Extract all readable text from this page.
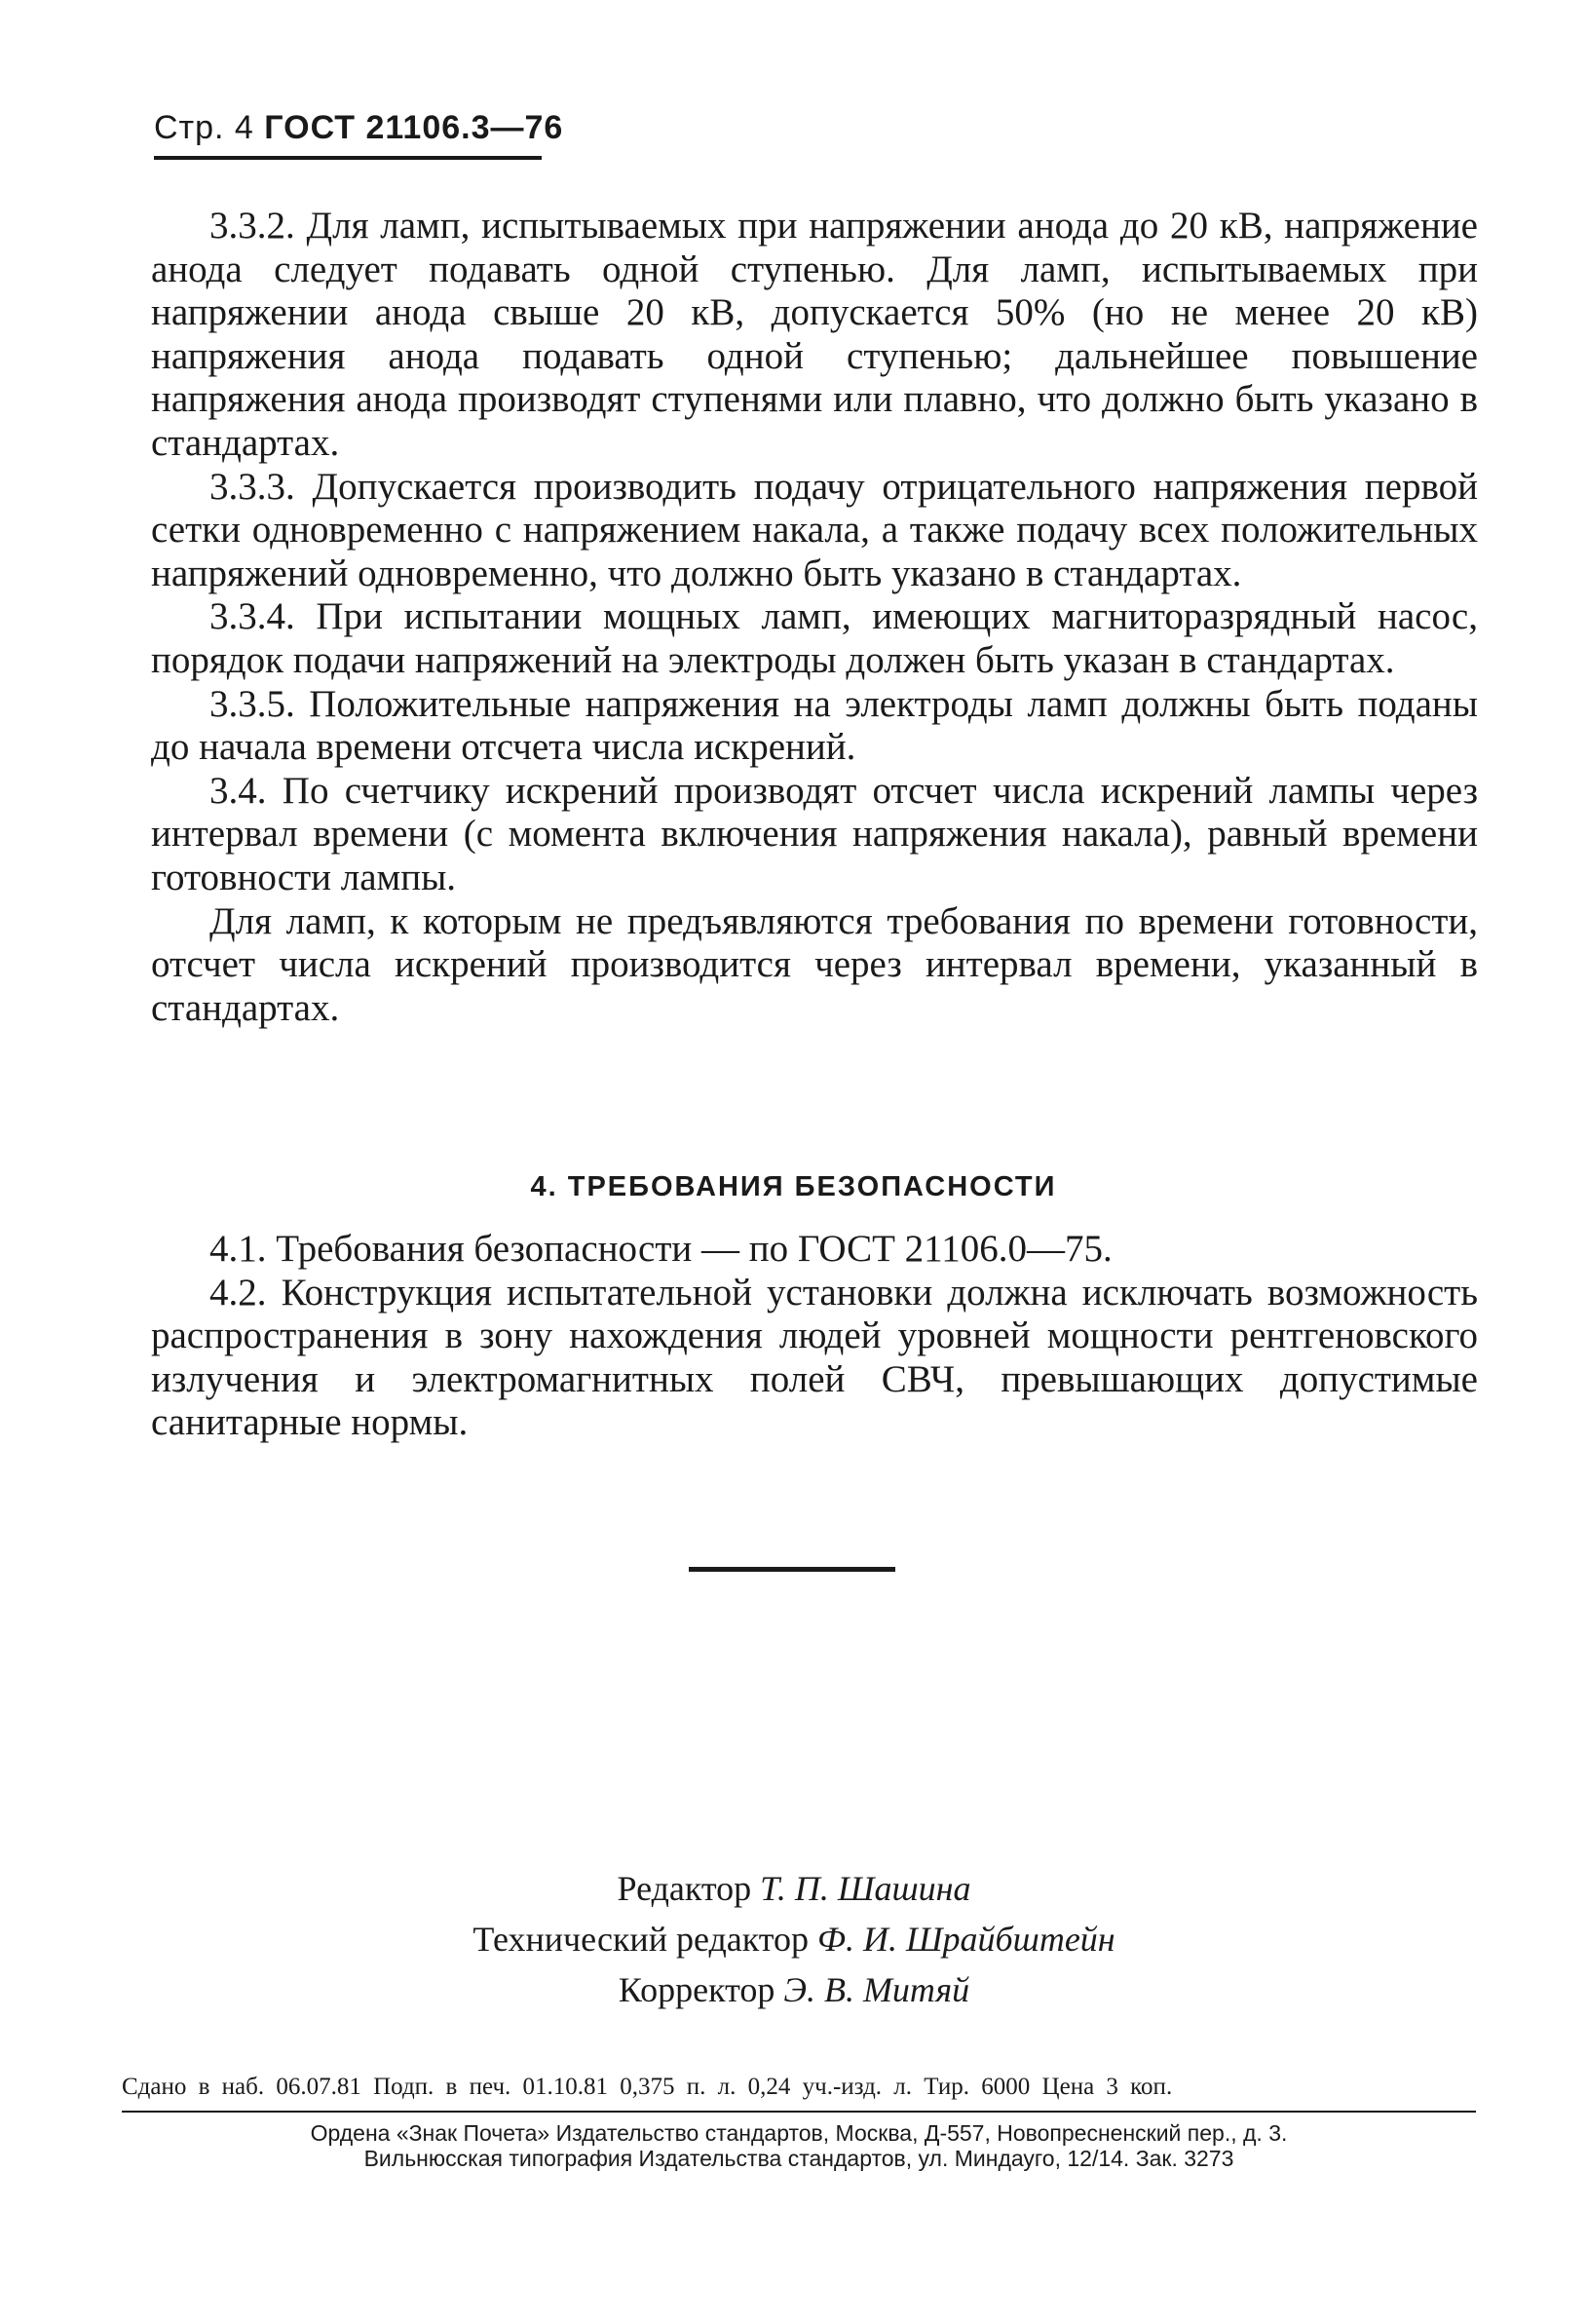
Стр. 4 ГОСТ 21106.3—76

3.3.2. Для ламп, испытываемых при напряжении анода до 20 кВ, напряжение анода следует подавать одной ступенью. Для ламп, испытываемых при напряжении анода свыше 20 кВ, допускается 50% (но не менее 20 кВ) напряжения анода подавать одной ступенью; дальнейшее повышение напряжения анода производят ступенями или плавно, что должно быть указано в стандартах.

3.3.3. Допускается производить подачу отрицательного напряжения первой сетки одновременно с напряжением накала, а также подачу всех положительных напряжений одновременно, что должно быть указано в стандартах.

3.3.4. При испытании мощных ламп, имеющих магниторазрядный насос, порядок подачи напряжений на электроды должен быть указан в стандартах.

3.3.5. Положительные напряжения на электроды ламп должны быть поданы до начала времени отсчета числа искрений.

3.4. По счетчику искрений производят отсчет числа искрений лампы через интервал времени (с момента включения напряжения накала), равный времени готовности лампы.

Для ламп, к которым не предъявляются требования по времени готовности, отсчет числа искрений производится через интервал времени, указанный в стандартах.

4. ТРЕБОВАНИЯ БЕЗОПАСНОСТИ

4.1. Требования безопасности — по ГОСТ 21106.0—75.

4.2. Конструкция испытательной установки должна исключать возможность распространения в зону нахождения людей уровней мощности рентгеновского излучения и электромагнитных полей СВЧ, превышающих допустимые санитарные нормы.

Редактор Т. П. Шашина
Технический редактор Ф. И. Шрайбштейн
Корректор Э. В. Митяй
Сдано в наб. 06.07.81 Подп. в печ. 01.10.81 0,375 п. л. 0,24 уч.-изд. л. Тир. 6000 Цена 3 коп.
Ордена «Знак Почета» Издательство стандартов, Москва, Д-557, Новопресненский пер., д. 3.
Вильнюсская типография Издательства стандартов, ул. Миндауго, 12/14. Зак. 3273
